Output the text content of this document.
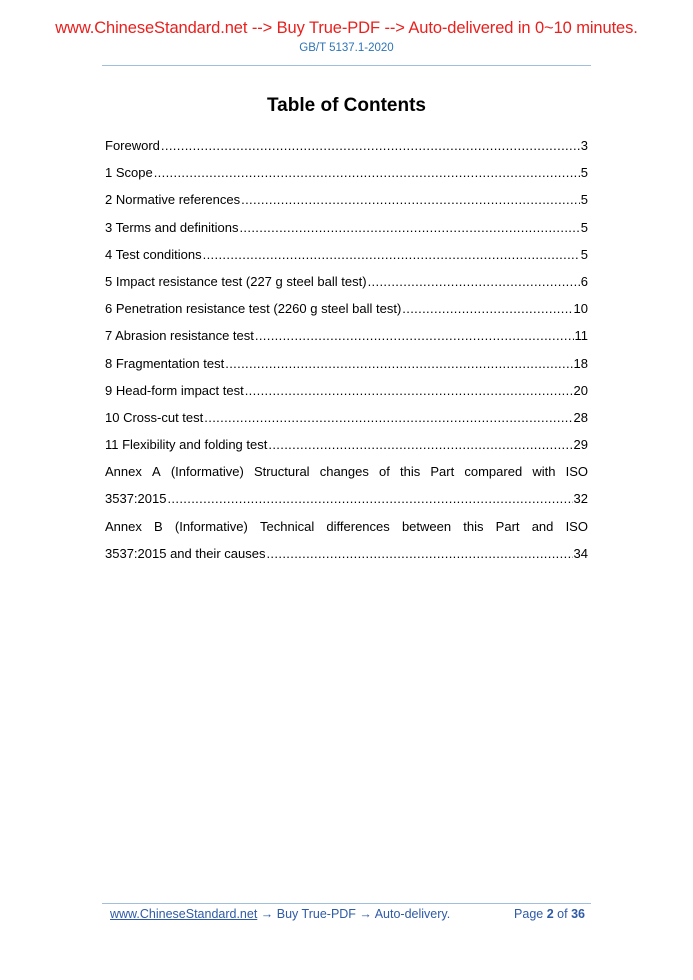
www.ChineseStandard.net --> Buy True-PDF --> Auto-delivered in 0~10 minutes.
GB/T 5137.1-2020
Table of Contents
Foreword .....	3
1 Scope .....	5
2 Normative references .....	5
3 Terms and definitions .....	5
4 Test conditions .....	5
5 Impact resistance test (227 g steel ball test) .....	6
6 Penetration resistance test (2260 g steel ball test) .....	10
7 Abrasion resistance test .....	11
8 Fragmentation test .....	18
9 Head-form impact test .....	20
10 Cross-cut test .....	28
11 Flexibility and folding test .....	29
Annex A (Informative) Structural changes of this Part compared with ISO
3537:2015 .....	32
Annex B (Informative) Technical differences between this Part and ISO
3537:2015 and their causes .....	34
www.ChineseStandard.net → Buy True-PDF → Auto-delivery.	Page 2 of 36
